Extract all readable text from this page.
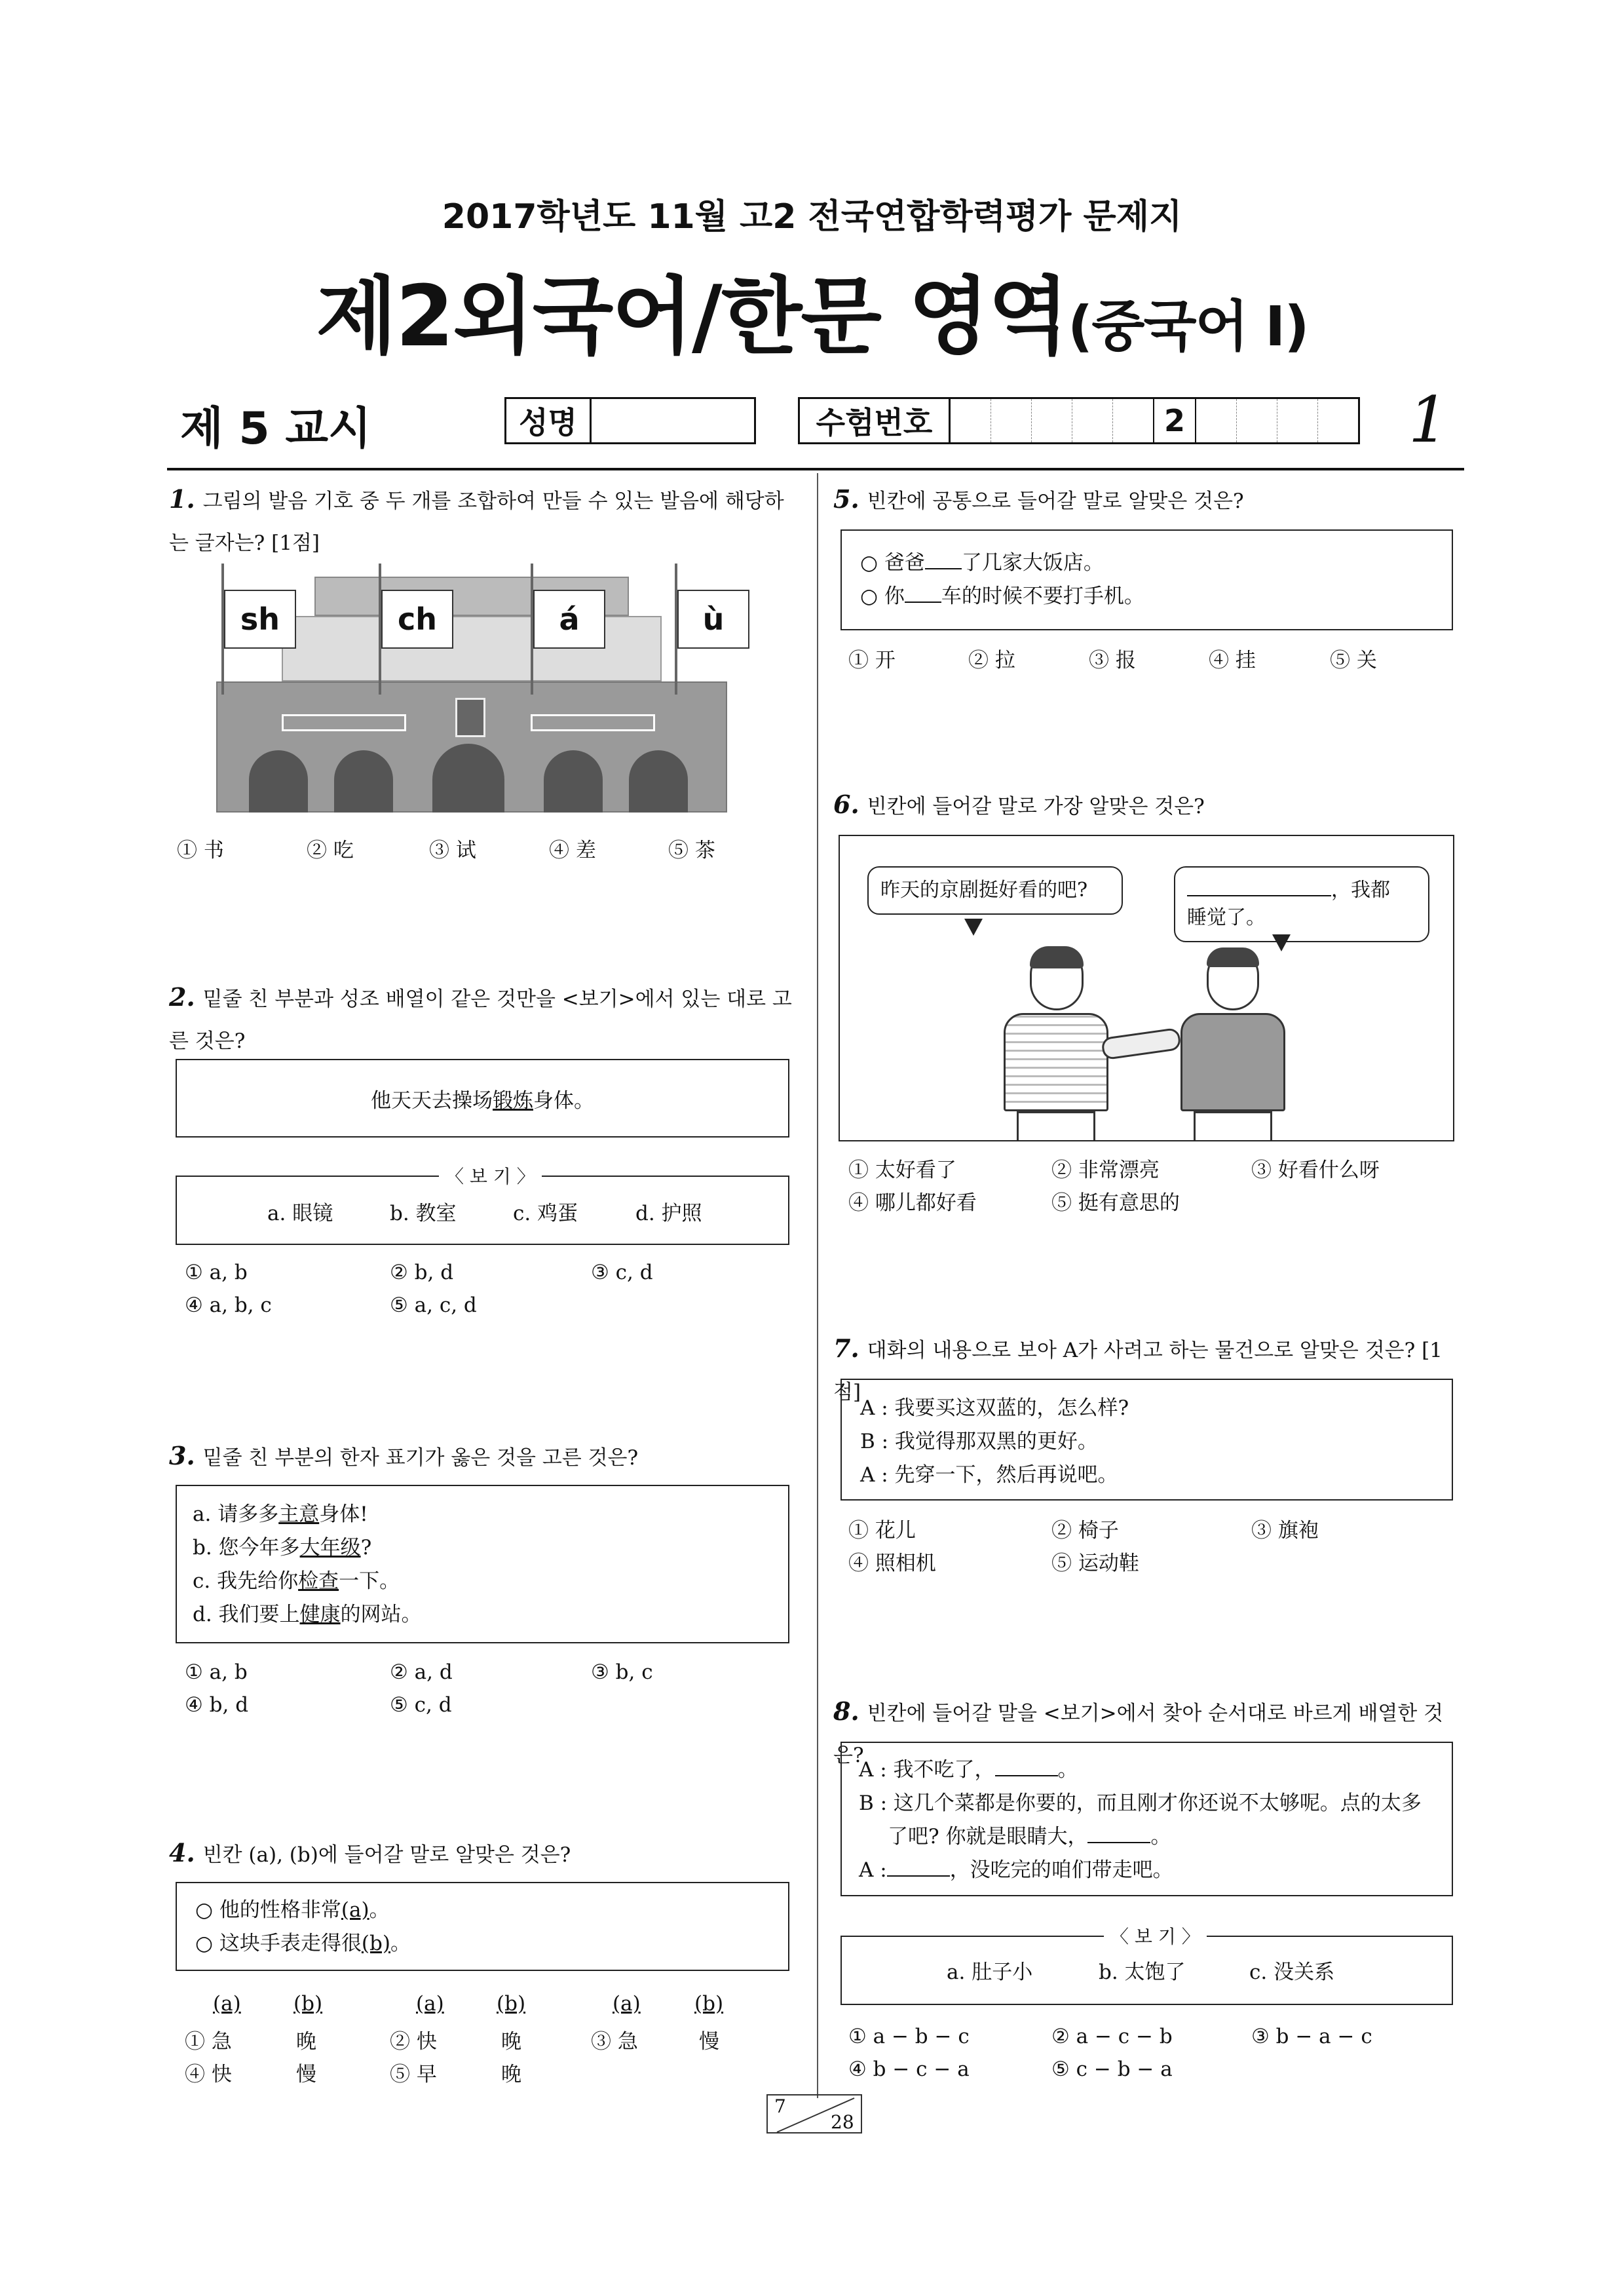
2017학년도 11월 고2 전국연합학력평가 문제지
제2외국어/한문 영역(중국어 Ⅰ)
제 5 교시	성명	수험번호	2	1
1. 그림의 발음 기호 중 두 개를 조합하여 만들 수 있는 발음에 해당하는 글자는? [1점]
sh	ch	á	ù
① 书	② 吃	③ 试	④ 差	⑤ 茶
2. 밑줄 친 부분과 성조 배열이 같은 것만을 <보기>에서 있는 대로 고른 것은?
他天天去操场锻炼身体。
〈 보 기 〉
a. 眼镜	b. 教室	c. 鸡蛋	d. 护照
① a, b	② b, d	③ c, d
④ a, b, c	⑤ a, c, d
3. 밑줄 친 부분의 한자 표기가 옳은 것을 고른 것은?
a. 请多多主意身体!
b. 您今年多大年级?
c. 我先给你检查一下。
d. 我们要上健康的网站。
① a, b	② a, d	③ b, c
④ b, d	⑤ c, d
4. 빈칸 (a), (b)에 들어갈 말로 알맞은 것은?
○ 他的性格非常(a)。
○ 这块手表走得很(b)。
(a)	(b)	(a)	(b)	(a)	(b)
① 急	晚	② 快	晚	③ 急	慢
④ 快	慢	⑤ 早	晚
5. 빈칸에 공통으로 들어갈 말로 알맞은 것은?
○ 爸爸 了几家大饭店。
○ 你 车的时候不要打手机。
① 开	② 拉	③ 报	④ 挂	⑤ 关
6. 빈칸에 들어갈 말로 가장 알맞은 것은?
昨天的京剧挺好看的吧?	，我都
睡觉了。
① 太好看了	② 非常漂亮	③ 好看什么呀
④ 哪儿都好看	⑤ 挺有意思的
7. 대화의 내용으로 보아 A가 사려고 하는 물건으로 알맞은 것은? [1점]
A : 我要买这双蓝的，怎么样?
B : 我觉得那双黑的更好。
A : 先穿一下，然后再说吧。
① 花儿	② 椅子	③ 旗袍
④ 照相机	⑤ 运动鞋
8. 빈칸에 들어갈 말을 <보기>에서 찾아 순서대로 바르게 배열한 것은?
A : 我不吃了，	。
B : 这几个菜都是你要的，而且刚才你还说不太够呢。点的太多
了吧? 你就是眼睛大，	。
A :	，没吃完的咱们带走吧。
〈 보 기 〉
a. 肚子小	b. 太饱了	c. 没关系
① a − b − c	② a − c − b	③ b − a − c
④ b − c − a	⑤ c − b − a
7
28
